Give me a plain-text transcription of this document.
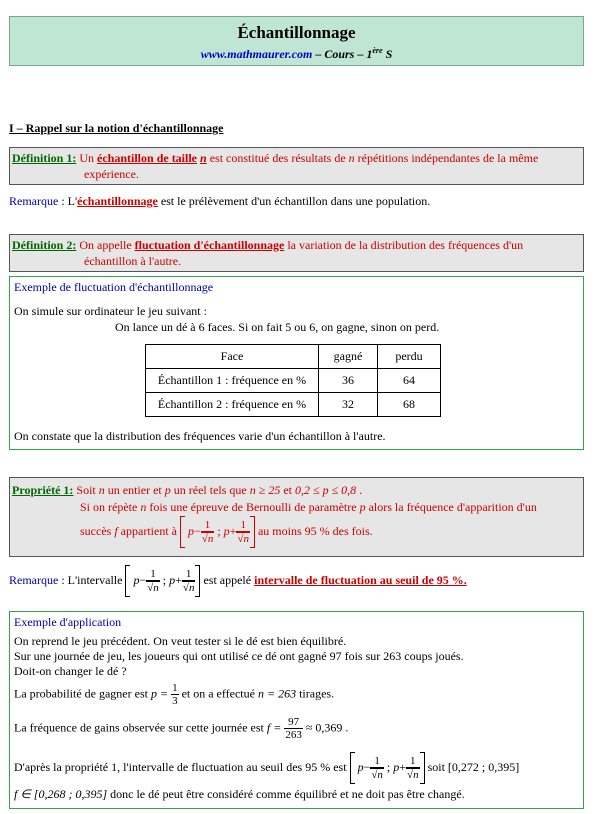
Échantillonnage
www.mathmaurer.com – Cours – 1ère S
I – Rappel sur la notion d'échantillonnage
Définition 1: Un échantillon de taille n est constitué des résultats de n répétitions indépendantes de la même
expérience.
Remarque : L'échantillonnage est le prélèvement d'un échantillon dans une population.
Définition 2: On appelle fluctuation d'échantillonnage la variation de la distribution des fréquences d'un
échantillon à l'autre.
Exemple de fluctuation d'échantillonnage
On simule sur ordinateur le jeu suivant :
On lance un dé à 6 faces. Si on fait 5 ou 6, on gagne, sinon on perd.
Face	gagné	perdu
Échantillon 1 : fréquence en %	36	64
Échantillon 2 : fréquence en %	32	68
On constate que la distribution des fréquences varie d'un échantillon à l'autre.
Propriété 1: Soit n un entier et p un réel tels que n ≥ 25 et 0,2 ≤ p ≤ 0,8 .
Si on répète n fois une épreuve de Bernoulli de paramètre p alors la fréquence d'apparition d'un
succès f appartient à  $p- \frac{1}{√n}$ ; $p+ \frac{1}{√n}$ au moins 95 % des fois.
Remarque : L'intervalle  $p- \frac{1}{√n}$ ; $p+ \frac{1}{√n}$ est appelé intervalle de fluctuation au seuil de 95 %.
Exemple d'application
On reprend le jeu précédent. On veut tester si le dé est bien équilibré.
Sur une journée de jeu, les joueurs qui ont utilisé ce dé ont gagné 97 fois sur 263 coups joués.
Doit-on changer le dé ?
La probabilité de gagner est $p = \frac{1}{3}$ et on a effectué n = 263 tirages.
La fréquence de gains observée sur cette journée est $f = \frac{97}{263} \approx 0,369$ .
D'après la propriété 1, l'intervalle de fluctuation au seuil des 95 % est  $p- \frac{1}{√n}$ ; $p+ \frac{1}{√n}$ soit [0,272 ; 0,395]
f ∈ [0,268 ; 0,395] donc le dé peut être considéré comme équilibré et ne doit pas être changé.
